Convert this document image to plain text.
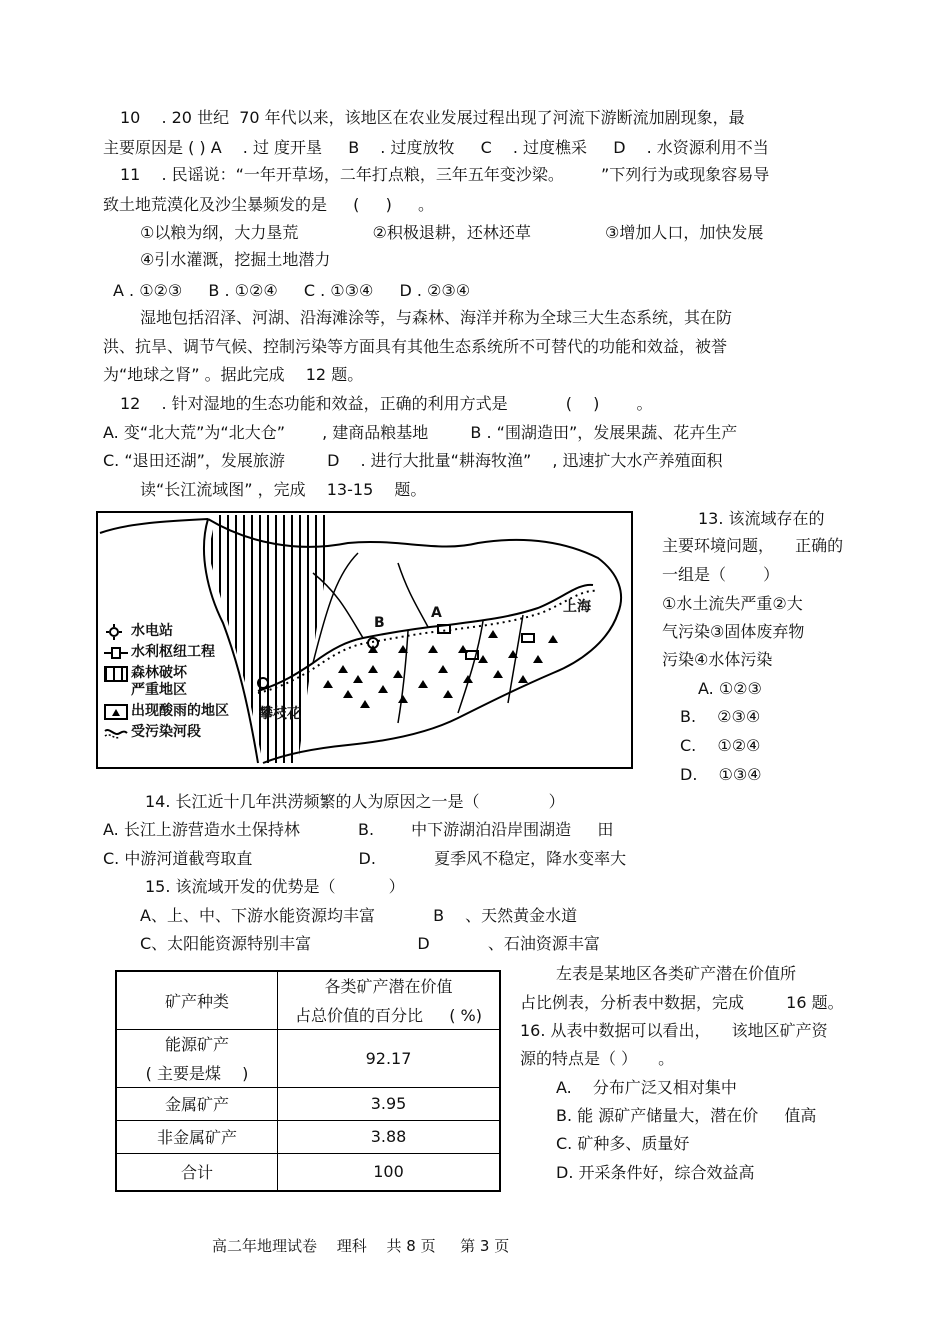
10 　. 20 世纪  70 年代以来，该地区在农业发展过程出现了河流下游断流加剧现象，最
主要原因是 ( ) A 　. 过 度开垦 　 B 　. 过度放牧 　 C 　. 过度樵采 　 D 　. 水资源利用不当
11 　. 民谣说：“一年开草场，二年打点粮，三年五年变沙梁。 　　”下列行为或现象容易导
致土地荒漠化及沙尘暴频发的是 　 ( 　 ) 　 。
①以粮为纲，大力垦荒 　　　　 ②积极退耕，还林还草 　　　　 ③增加人口，加快发展
④引水灌溉，挖掘土地潜力
A . ①②③ 　 B . ①②④ 　 C . ①③④ 　 D . ②③④
湿地包括沼泽、河湖、沿海滩涂等，与森林、海洋并称为全球三大生态系统，其在防
洪、抗旱、调节气候、控制污染等方面具有其他生态系统所不可替代的功能和效益，被誉
为“地球之肾” 。据此完成 　12 题。
12 　. 针对湿地的生态功能和效益，正确的利用方式是 　　　 ( 　) 　　。
A. 变“北大荒”为“北大仓” 　　, 建商品粮基地 　　 B . “围湖造田”，发展果蔬、花卉生产
C. “退田还湖”，发展旅游 　　 D 　. 进行大批量“耕海牧渔” 　, 迅速扩大水产养殖面积
读“长江流域图” ，完成 　13-15 　题。
水电站
水利枢纽工程
森林破坏
严重地区
出现酸雨的地区
受污染河段
上海
A
B
攀枝花
13. 该流域存在的
主要环境问题， 　正确的
一组是（ 　　）
①水土流失严重②大
气污染③固体废弃物
污染④水体污染
A. ①②③
B. 　②③④
C. 　①②④
D. 　①③④
14. 长江近十几年洪涝频繁的人为原因之一是（ 　　　　）
A. 长江上游营造水土保持林 　　　 B. 　　中下游湖泊沿岸围湖造 　 田
C. 中游河道截弯取直 　　　　　　 D. 　　　 夏季风不稳定，降水变率大
15. 该流域开发的优势是（ 　　　）
A、上、中、下游水能资源均丰富 　　　 B 　、天然黄金水道
C、太阳能资源特别丰富 　　　　　　 D 　　　 、石油资源丰富
矿产种类	各类矿产潜在价值
占总价值的百分比 　 ( %)

能源矿产
( 主要是煤 　)	92.17
金属矿产	3.95
非金属矿产	3.88
合计	100
左表是某地区各类矿产潜在价值所
占比例表，分析表中数据，完成 　　 16 题。
16. 从表中数据可以看出， 　该地区矿产资
源的特点是（ ） 　。
A. 　分布广泛又相对集中
B. 能 源矿产储量大，潜在价 　 值高
C. 矿种多、质量好
D. 开采条件好，综合效益高
高二年地理试卷 　理科 　共 8 页 　 第 3 页
